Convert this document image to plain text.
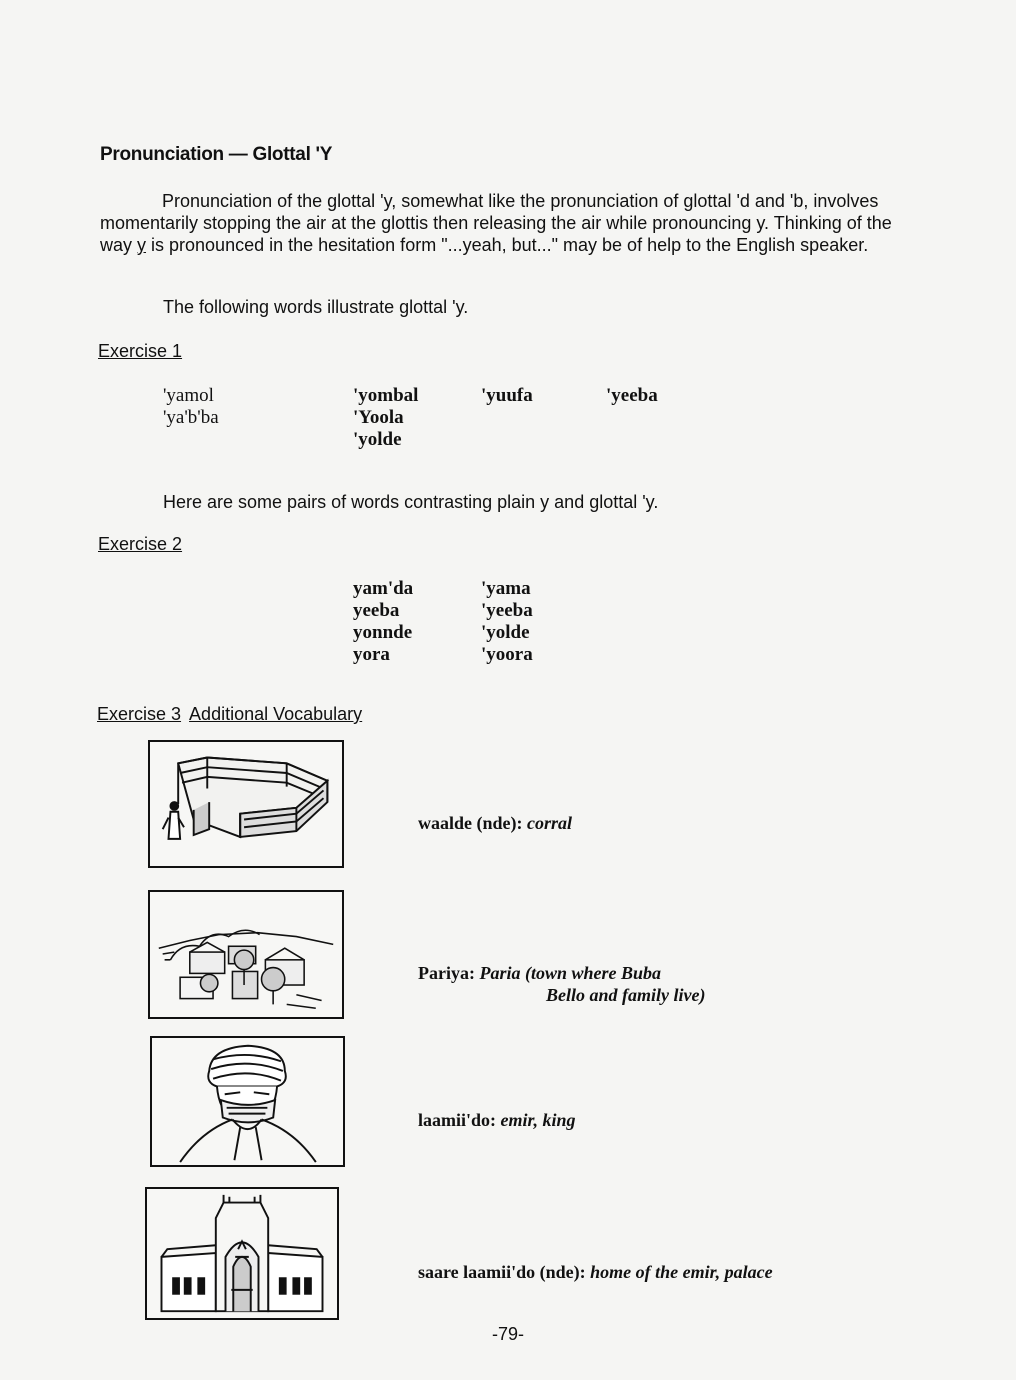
Pronunciation — Glottal 'Y
Pronunciation of the glottal 'y, somewhat like the pronunciation of glottal 'd and 'b, involves momentarily stopping the air at the glottis then releasing the air while pronouncing y. Thinking of the way y is pronounced in the hesitation form "...yeah, but..." may be of help to the English speaker.
The following words illustrate glottal 'y.
Exercise 1
'yamol
'ya'b'ba
'yombal
'Yoola
'yolde
'yuufa	'yeeba
Here are some pairs of words contrasting plain y and glottal 'y.
Exercise 2
yam'da
yeeba
yonnde
yora
'yama
'yeeba
'yolde
'yoora
Exercise 3 Additional Vocabulary
waalde (nde): corral
Pariya: Paria (town where Buba
Bello and family live)
laamii'do: emir, king
saare laamii'do (nde): home of the emir, palace
-79-
